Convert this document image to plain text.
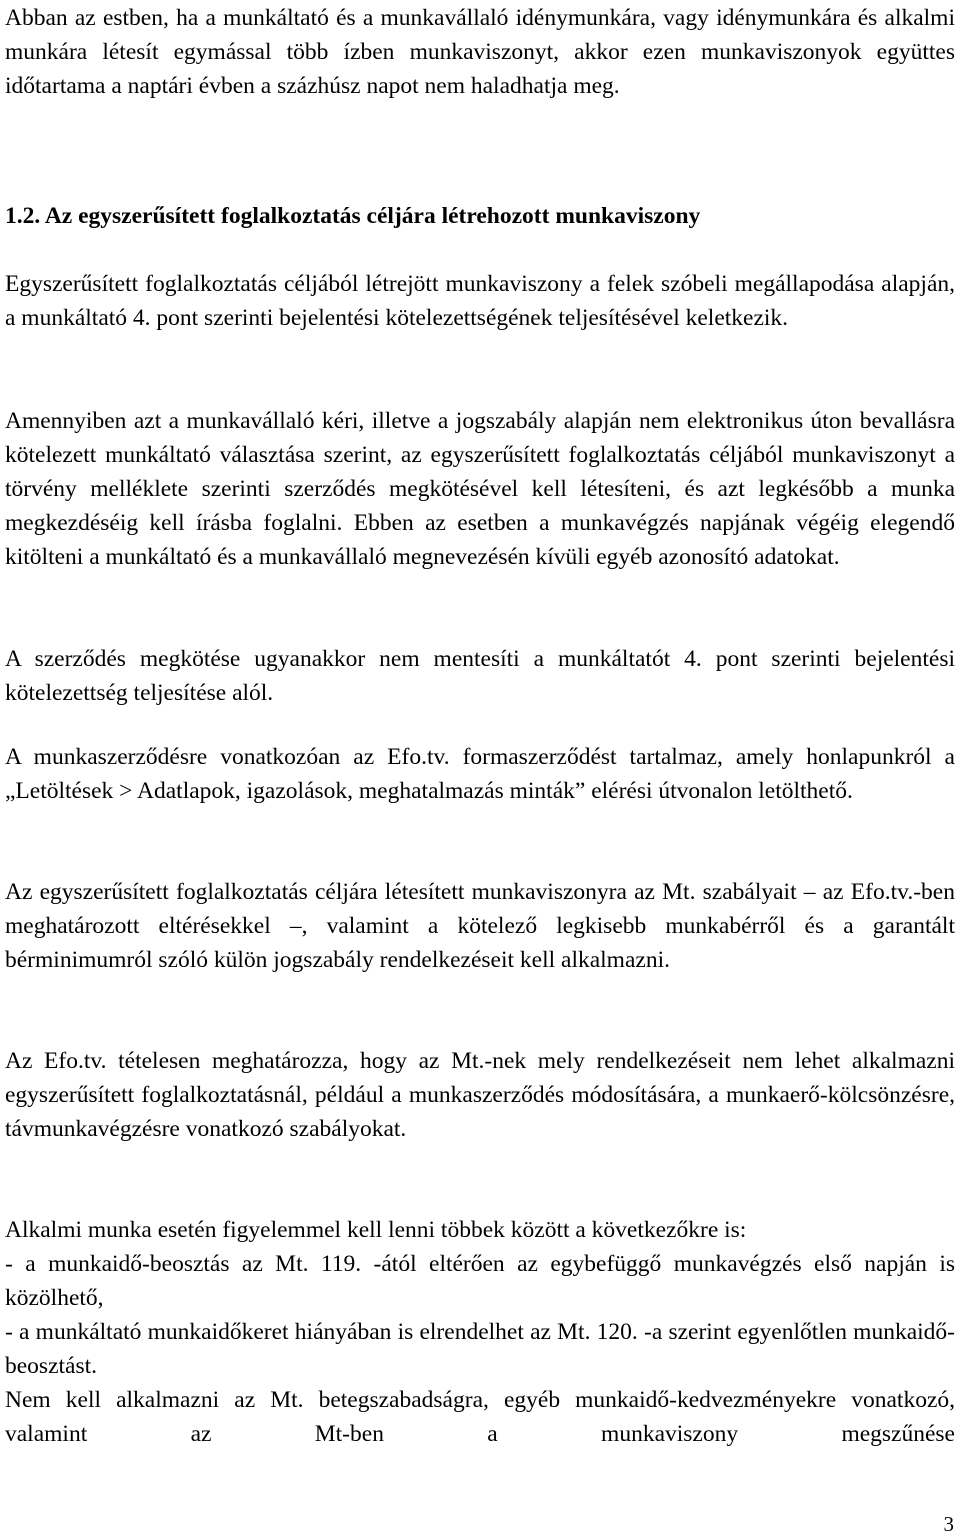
Abban az estben, ha a munkáltató és a munkavállaló idénymunkára, vagy idénymunkára és alkalmi munkára létesít egymással több ízben munkaviszonyt, akkor ezen munkaviszonyok együttes időtartama a naptári évben a százhúsz napot nem haladhatja meg.

1.2. Az egyszerűsített foglalkoztatás céljára létrehozott munkaviszony

Egyszerűsített foglalkoztatás céljából létrejött munkaviszony a felek szóbeli megállapodása alapján, a munkáltató 4. pont szerinti bejelentési kötelezettségének teljesítésével keletkezik.

Amennyiben azt a munkavállaló kéri, illetve a jogszabály alapján nem elektronikus úton bevallásra kötelezett munkáltató választása szerint, az egyszerűsített foglalkoztatás céljából munkaviszonyt a törvény melléklete szerinti szerződés megkötésével kell létesíteni, és azt legkésőbb a munka megkezdéséig kell írásba foglalni. Ebben az esetben a munkavégzés napjának végéig elegendő kitölteni a munkáltató és a munkavállaló megnevezésén kívüli egyéb azonosító adatokat.

A szerződés megkötése ugyanakkor nem mentesíti a munkáltatót 4. pont szerinti bejelentési kötelezettség teljesítése alól.

A munkaszerződésre vonatkozóan az Efo.tv. formaszerződést tartalmaz, amely honlapunkról a „Letöltések > Adatlapok, igazolások, meghatalmazás minták” elérési útvonalon letölthető.

Az egyszerűsített foglalkoztatás céljára létesített munkaviszonyra az Mt. szabályait – az Efo.tv.-ben meghatározott eltérésekkel –, valamint a kötelező legkisebb munkabérről és a garantált bérminimumról szóló külön jogszabály rendelkezéseit kell alkalmazni.

Az Efo.tv. tételesen meghatározza, hogy az Mt.-nek mely rendelkezéseit nem lehet alkalmazni egyszerűsített foglalkoztatásnál, például a munkaszerződés módosítására, a munkaerő-kölcsönzésre, távmunkavégzésre vonatkozó szabályokat.

Alkalmi munka esetén figyelemmel kell lenni többek között a következőkre is:

- a munkaidő-beosztás az Mt. 119. -ától eltérően az egybefüggő munkavégzés első napján is közölhető,

- a munkáltató munkaidőkeret hiányában is elrendelhet az Mt. 120. -a szerint egyenlőtlen munkaidő-beosztást.

Nem kell alkalmazni az Mt. betegszabadságra, egyéb munkaidő-kedvezményekre vonatkozó, valamint az Mt-ben a munkaviszony megszűnése

3
